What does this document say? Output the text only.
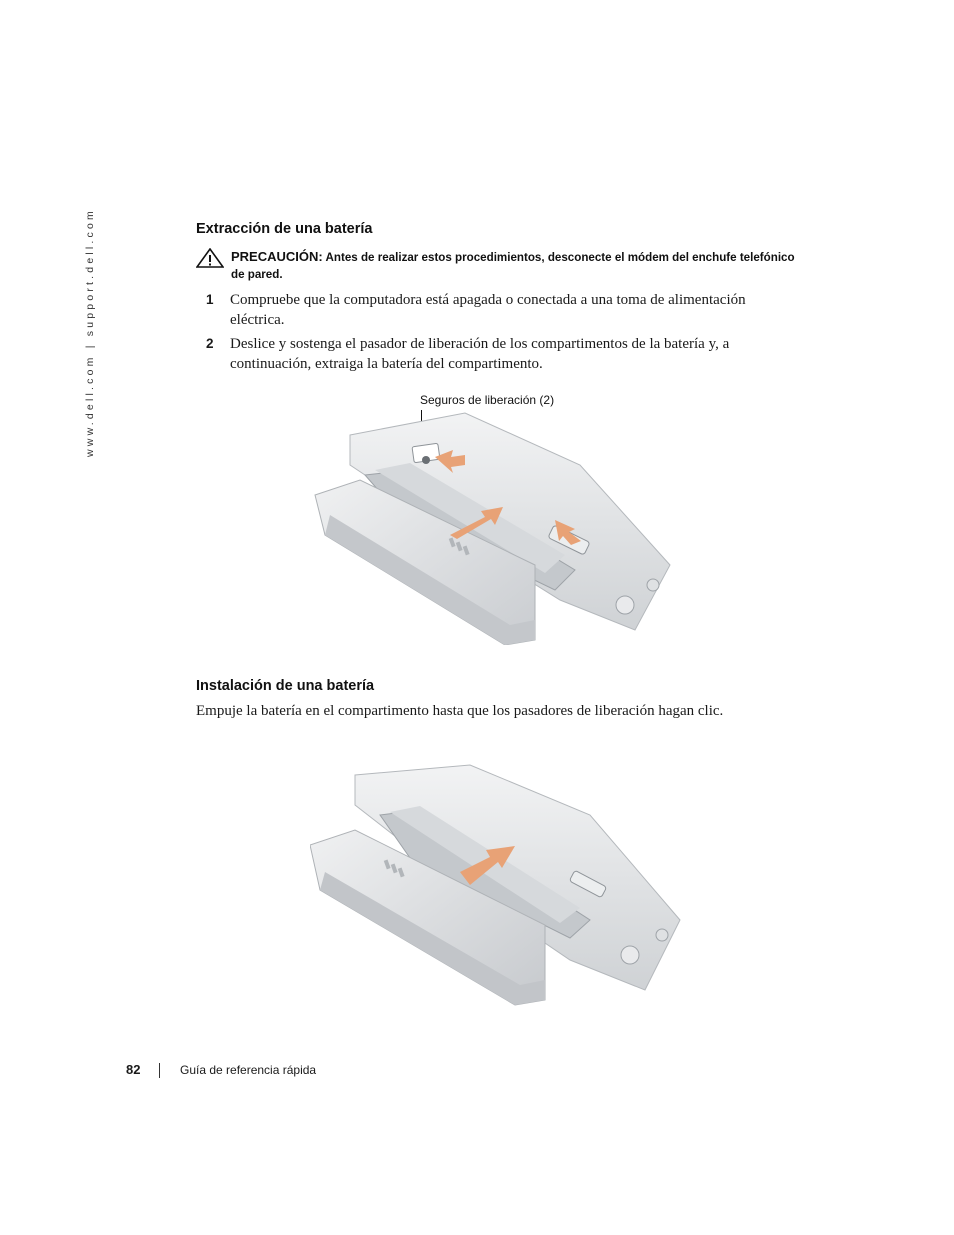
www.dell.com | support.dell.com	Extracción de una batería
PRECAUCIÓN: Antes de realizar estos procedimientos, desconecte el módem del enchufe telefónico
de pared.
1 Compruebe que la computadora está apagada o conectada a una toma de alimentación eléctrica.
2 Deslice y sostenga el pasador de liberación de los compartimentos de la batería y, a continuación, extraiga la batería del compartimento.
Seguros de liberación (2)
Instalación de una batería
Empuje la batería en el compartimento hasta que los pasadores de liberación hagan clic.
82	Guía de referencia rápida
